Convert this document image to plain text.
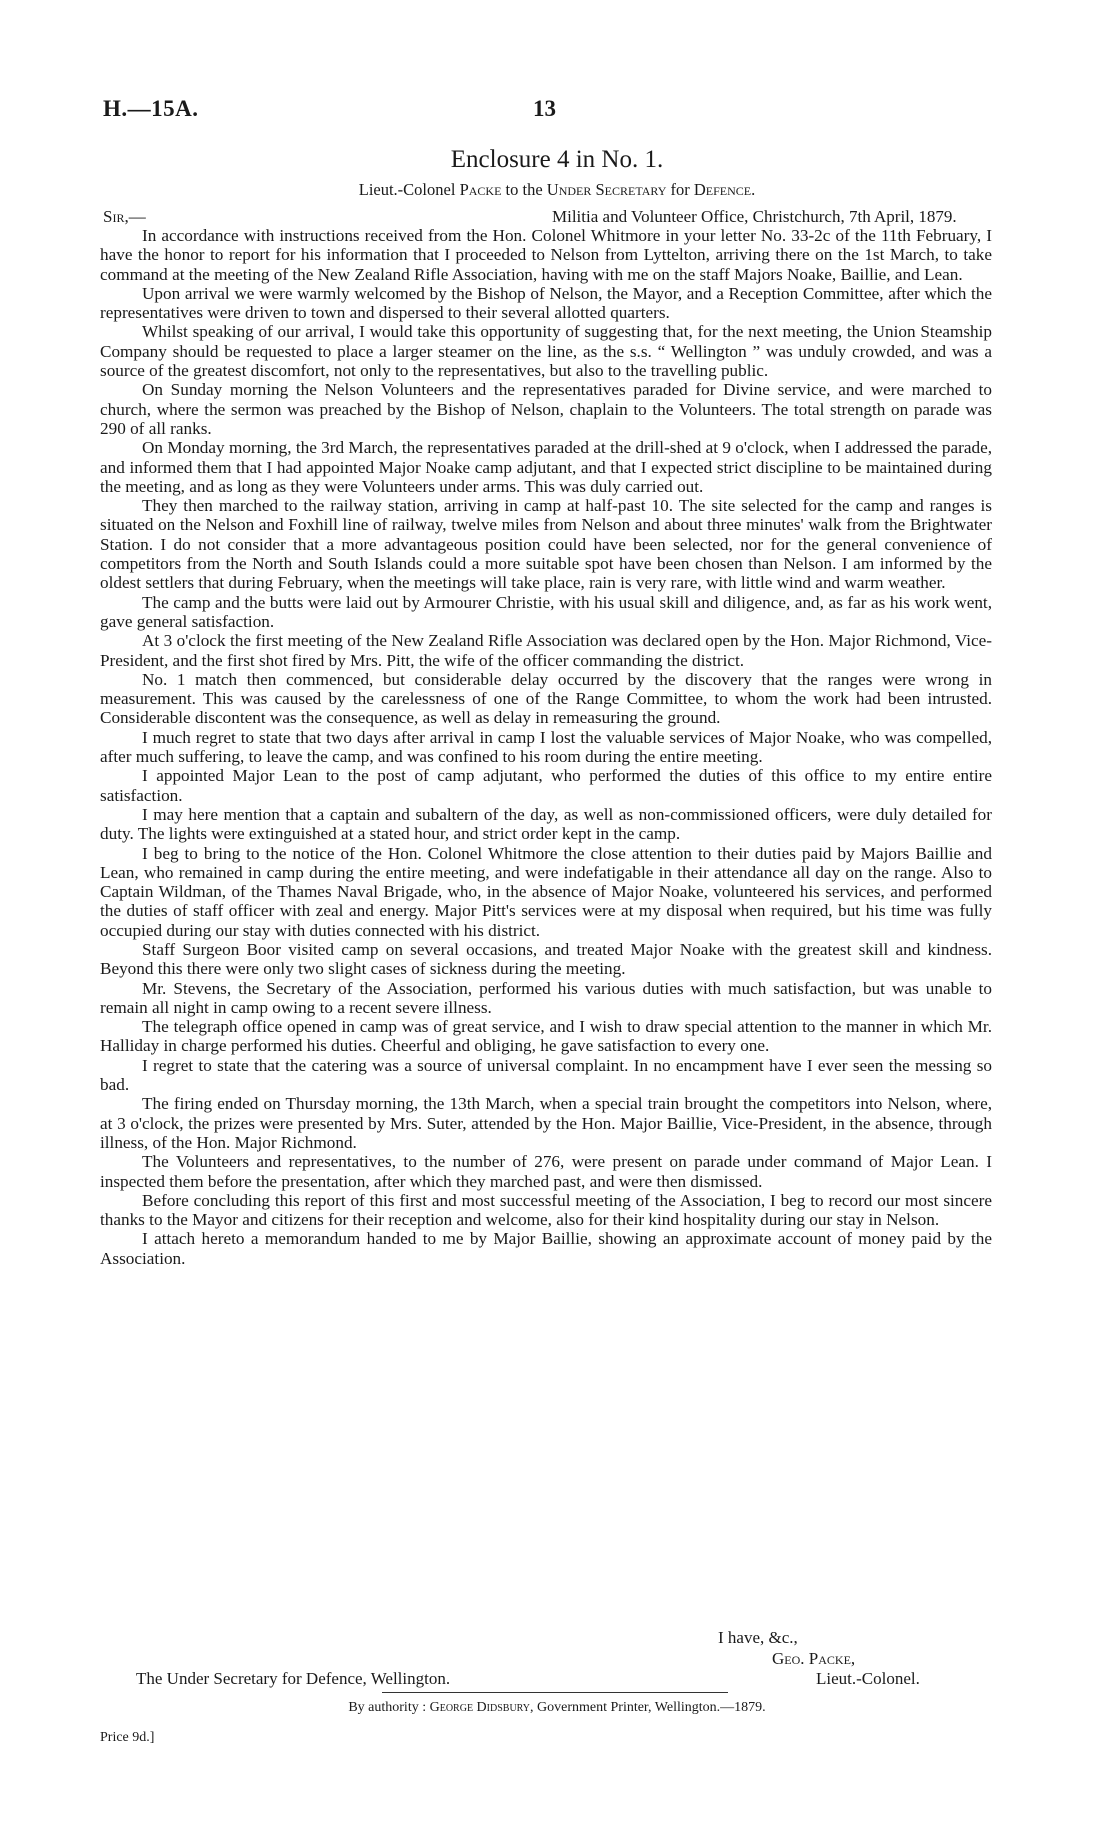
H.—15A.	13
Enclosure 4 in No. 1.
Lieut.-Colonel Packe to the Under Secretary for Defence.
Sir,—	Militia and Volunteer Office, Christchurch, 7th April, 1879.

In accordance with instructions received from the Hon. Colonel Whitmore in your letter No. 33-2c of the 11th February, I have the honor to report for his information that I proceeded to Nelson from Lyttelton, arriving there on the 1st March, to take command at the meeting of the New Zealand Rifle Association, having with me on the staff Majors Noake, Baillie, and Lean.

Upon arrival we were warmly welcomed by the Bishop of Nelson, the Mayor, and a Reception Committee, after which the representatives were driven to town and dispersed to their several allotted quarters.

Whilst speaking of our arrival, I would take this opportunity of suggesting that, for the next meeting, the Union Steamship Company should be requested to place a larger steamer on the line, as the s.s. “ Wellington ” was unduly crowded, and was a source of the greatest discomfort, not only to the representatives, but also to the travelling public.

On Sunday morning the Nelson Volunteers and the representatives paraded for Divine service, and were marched to church, where the sermon was preached by the Bishop of Nelson, chaplain to the Volunteers. The total strength on parade was 290 of all ranks.

On Monday morning, the 3rd March, the representatives paraded at the drill-shed at 9 o'clock, when I addressed the parade, and informed them that I had appointed Major Noake camp adjutant, and that I expected strict discipline to be maintained during the meeting, and as long as they were Volunteers under arms. This was duly carried out.

They then marched to the railway station, arriving in camp at half-past 10. The site selected for the camp and ranges is situated on the Nelson and Foxhill line of railway, twelve miles from Nelson and about three minutes' walk from the Brightwater Station. I do not consider that a more advantageous position could have been selected, nor for the general convenience of competitors from the North and South Islands could a more suitable spot have been chosen than Nelson. I am informed by the oldest settlers that during February, when the meetings will take place, rain is very rare, with little wind and warm weather.

The camp and the butts were laid out by Armourer Christie, with his usual skill and diligence, and, as far as his work went, gave general satisfaction.

At 3 o'clock the first meeting of the New Zealand Rifle Association was declared open by the Hon. Major Richmond, Vice-President, and the first shot fired by Mrs. Pitt, the wife of the officer commanding the district.

No. 1 match then commenced, but considerable delay occurred by the discovery that the ranges were wrong in measurement. This was caused by the carelessness of one of the Range Committee, to whom the work had been intrusted. Considerable discontent was the consequence, as well as delay in remeasuring the ground.

I much regret to state that two days after arrival in camp I lost the valuable services of Major Noake, who was compelled, after much suffering, to leave the camp, and was confined to his room during the entire meeting.

I appointed Major Lean to the post of camp adjutant, who performed the duties of this office to my entire entire satisfaction.

I may here mention that a captain and subaltern of the day, as well as non-commissioned officers, were duly detailed for duty. The lights were extinguished at a stated hour, and strict order kept in the camp.

I beg to bring to the notice of the Hon. Colonel Whitmore the close attention to their duties paid by Majors Baillie and Lean, who remained in camp during the entire meeting, and were indefatigable in their attendance all day on the range. Also to Captain Wildman, of the Thames Naval Brigade, who, in the absence of Major Noake, volunteered his services, and performed the duties of staff officer with zeal and energy. Major Pitt's services were at my disposal when required, but his time was fully occupied during our stay with duties connected with his district.

Staff Surgeon Boor visited camp on several occasions, and treated Major Noake with the greatest skill and kindness. Beyond this there were only two slight cases of sickness during the meeting.

Mr. Stevens, the Secretary of the Association, performed his various duties with much satisfaction, but was unable to remain all night in camp owing to a recent severe illness.

The telegraph office opened in camp was of great service, and I wish to draw special attention to the manner in which Mr. Halliday in charge performed his duties. Cheerful and obliging, he gave satisfaction to every one.

I regret to state that the catering was a source of universal complaint. In no encampment have I ever seen the messing so bad.

The firing ended on Thursday morning, the 13th March, when a special train brought the competitors into Nelson, where, at 3 o'clock, the prizes were presented by Mrs. Suter, attended by the Hon. Major Baillie, Vice-President, in the absence, through illness, of the Hon. Major Richmond.

The Volunteers and representatives, to the number of 276, were present on parade under command of Major Lean. I inspected them before the presentation, after which they marched past, and were then dismissed.

Before concluding this report of this first and most successful meeting of the Association, I beg to record our most sincere thanks to the Mayor and citizens for their reception and welcome, also for their kind hospitality during our stay in Nelson.

I attach hereto a memorandum handed to me by Major Baillie, showing an approximate account of money paid by the Association.

I have, &c.,
Geo. Packe,
The Under Secretary for Defence, Wellington.	Lieut.-Colonel.
By authority : George Didsbury, Government Printer, Wellington.—1879.
Price 9d.]
